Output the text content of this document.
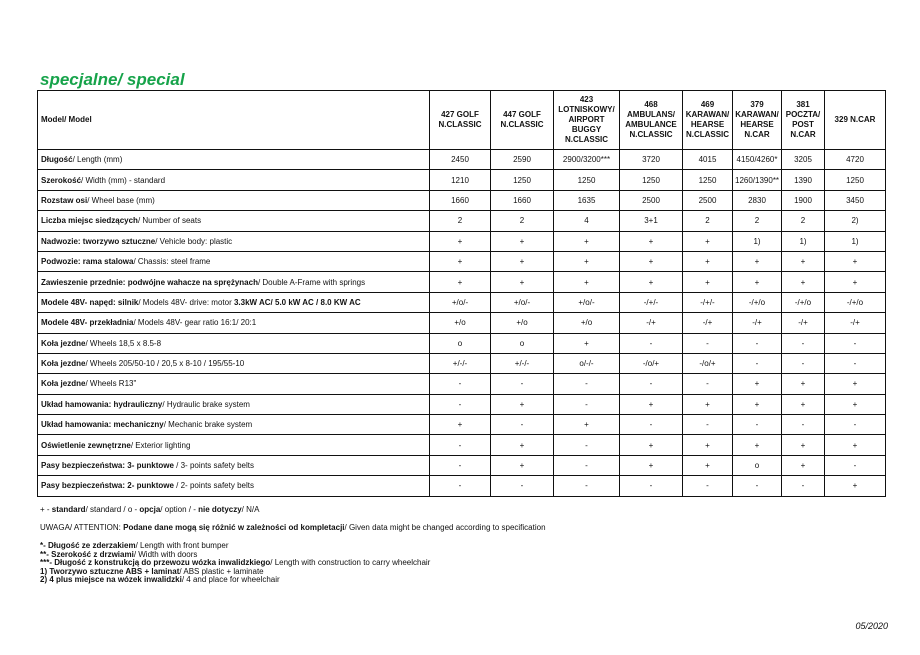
specjalne/ special
Model/ Model	427 GOLF
N.CLASSIC	447 GOLF
N.CLASSIC	423
LOTNISKOWY/
AIRPORT
BUGGY
N.CLASSIC	468
AMBULANS/
AMBULANCE
N.CLASSIC	469
KARAWAN/
HEARSE
N.CLASSIC	379
KARAWAN/
HEARSE
N.CAR	381
POCZTA/
POST
N.CAR	329 N.CAR
Długość/ Length (mm)	2450	2590	2900/3200***	3720	4015	4150/4260*	3205	4720
Szerokość/ Width (mm) - standard	1210	1250	1250	1250	1250	1260/1390**	1390	1250
Rozstaw osi/ Wheel base (mm)	1660	1660	1635	2500	2500	2830	1900	3450
Liczba miejsc siedzących/ Number of seats	2	2	4	3+1	2	2	2	2)
Nadwozie: tworzywo sztuczne/ Vehicle body: plastic	+	+	+	+	+	1)	1)	1)
Podwozie: rama stalowa/ Chassis: steel frame	+	+	+	+	+	+	+	+
Zawieszenie przednie: podwójne wahacze na sprężynach/ Double A-Frame with springs	+	+	+	+	+	+	+	+
Modele 48V- napęd: silnik/ Models 48V- drive: motor 3.3kW AC/ 5.0 kW AC / 8.0 KW AC	+/o/-	+/o/-	+/o/-	-/+/-	-/+/-	-/+/o	-/+/o	-/+/o
Modele 48V- przekładnia/ Models 48V- gear ratio 16:1/ 20:1	+/o	+/o	+/o	-/+	-/+	-/+	-/+	-/+
Koła jezdne/ Wheels 18,5 x 8.5-8	o	o	+	-	-	-	-	-
Koła jezdne/ Wheels 205/50-10 / 20,5 x 8-10 / 195/55-10	+/-/-	+/-/-	o/-/-	-/o/+	-/o/+	-	-	-
Koła jezdne/ Wheels R13"	-	-	-	-	-	+	+	+
Układ hamowania: hydrauliczny/ Hydraulic brake system	-	+	-	+	+	+	+	+
Układ hamowania: mechaniczny/ Mechanic brake system	+	-	+	-	-	-	-	-
Oświetlenie zewnętrzne/ Exterior lighting	-	+	-	+	+	+	+	+
Pasy bezpieczeństwa: 3- punktowe / 3- points safety belts	-	+	-	+	+	o	+	-
Pasy bezpieczeństwa: 2- punktowe / 2- points safety belts	-	-	-	-	-	-	-	+
+ - standard/ standard / o - opcja/ option / - nie dotyczy/ N/A
UWAGA/ ATTENTION: Podane dane mogą się różnić w zależności od kompletacji/ Given data might be changed according to specification
*- Długość ze zderzakiem/ Length with front bumper
**- Szerokość z drzwiami/ Width with doors
***- Długość z konstrukcją do przewozu wózka inwalidzkiego/ Length with construction to carry wheelchair
1) Tworzywo sztuczne ABS + laminat/ ABS plastic + laminate
2) 4 plus miejsce na wózek inwalidzki/ 4 and place for wheelchair
05/2020
